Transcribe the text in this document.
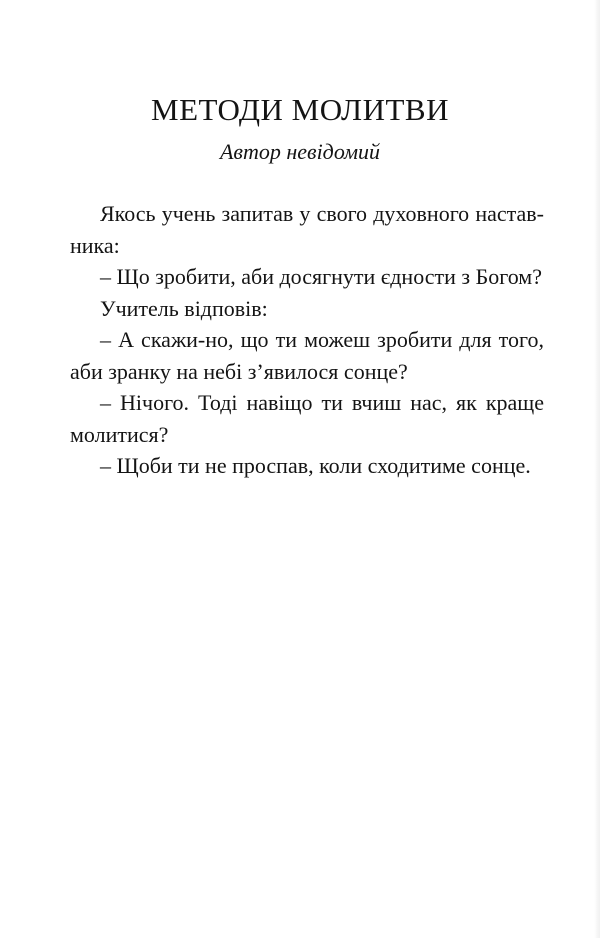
МЕТОДИ МОЛИТВИ

Автор невідомий

Якось учень запитав у свого духовного настав-
ника:

– Що зробити, аби досягнути єдности з Богом?

Учитель відповів:

– А скажи-но, що ти можеш зробити для того,
аби зранку на небі з’явилося сонце?

– Нічого. Тоді навіщо ти вчиш нас, як краще
молитися?

– Щоби ти не проспав, коли сходитиме сонце.
